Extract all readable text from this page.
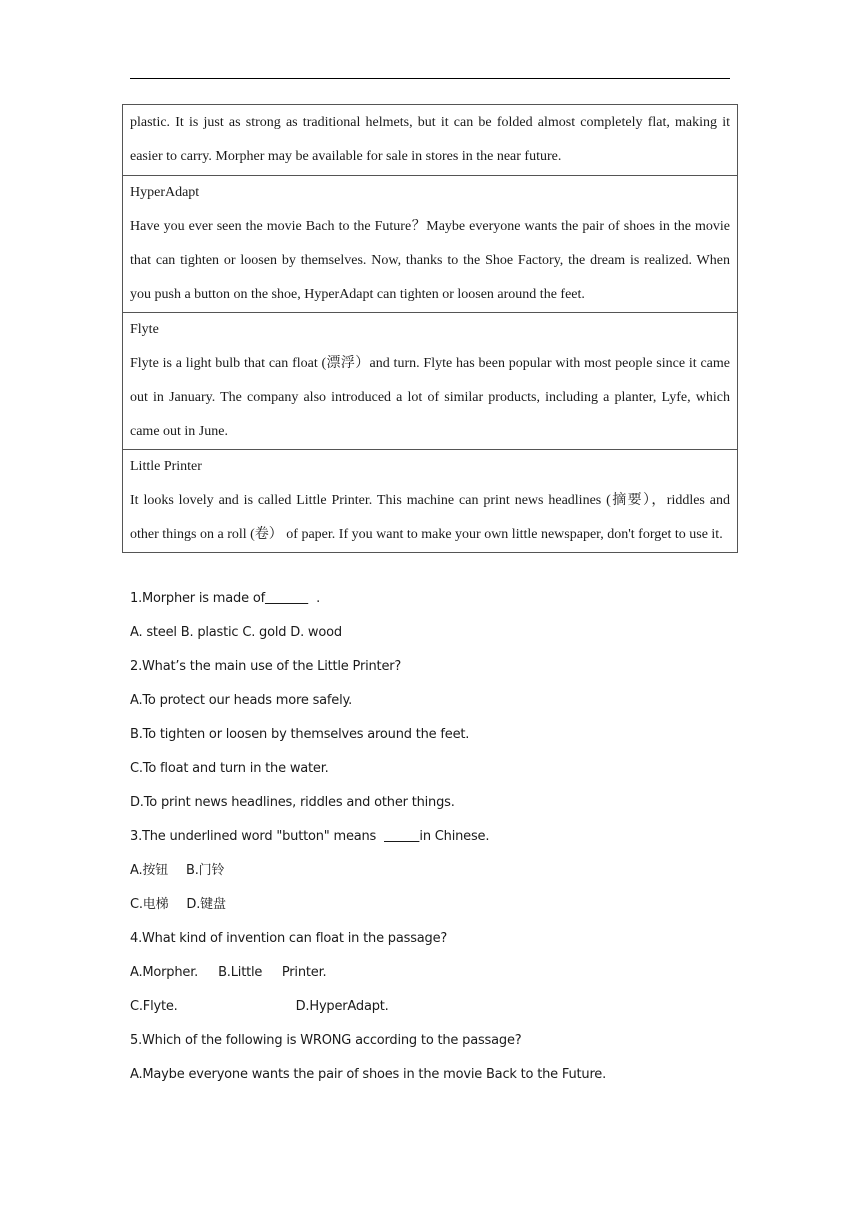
plastic. It is just as strong as traditional helmets, but it can be folded almost completely flat, making it easier to carry. Morpher may be available for sale in stores in the near future.

HyperAdapt
Have you ever seen the movie Bach to the Future？Maybe everyone wants the pair of shoes in the movie that can tighten or loosen by themselves. Now, thanks to the Shoe Factory, the dream is realized. When you push a button on the shoe, HyperAdapt can tighten or loosen around the feet.

Flyte
Flyte is a light bulb that can float (漂浮）and turn. Flyte has been popular with most people since it came out in January. The company also introduced a lot of similar products, including a planter, Lyfe, which came out in June.

Little Printer
It looks lovely and is called Little Printer. This machine can print news headlines (摘要），riddles and other things on a roll (卷） of paper. If you want to make your own little newspaper, don't forget to use it.
1.Morpher is made of	.
A. steel B. plastic C. gold D. wood
2.What’s the main use of the Little Printer?
A.To protect our heads more safely.
B.To tighten or loosen by themselves around the feet.
C.To float and turn in the water.
D.To print news headlines, riddles and other things.
3.The underlined word "button" means	in Chinese.
A.按钮 B.门铃
C.电梯 D.键盘
4.What kind of invention can float in the passage?
A.Morpher. B.Little     Printer.
C.Flyte.	D.HyperAdapt.
5.Which of the following is WRONG according to the passage?
A.Maybe everyone wants the pair of shoes in the movie Back to the Future.
